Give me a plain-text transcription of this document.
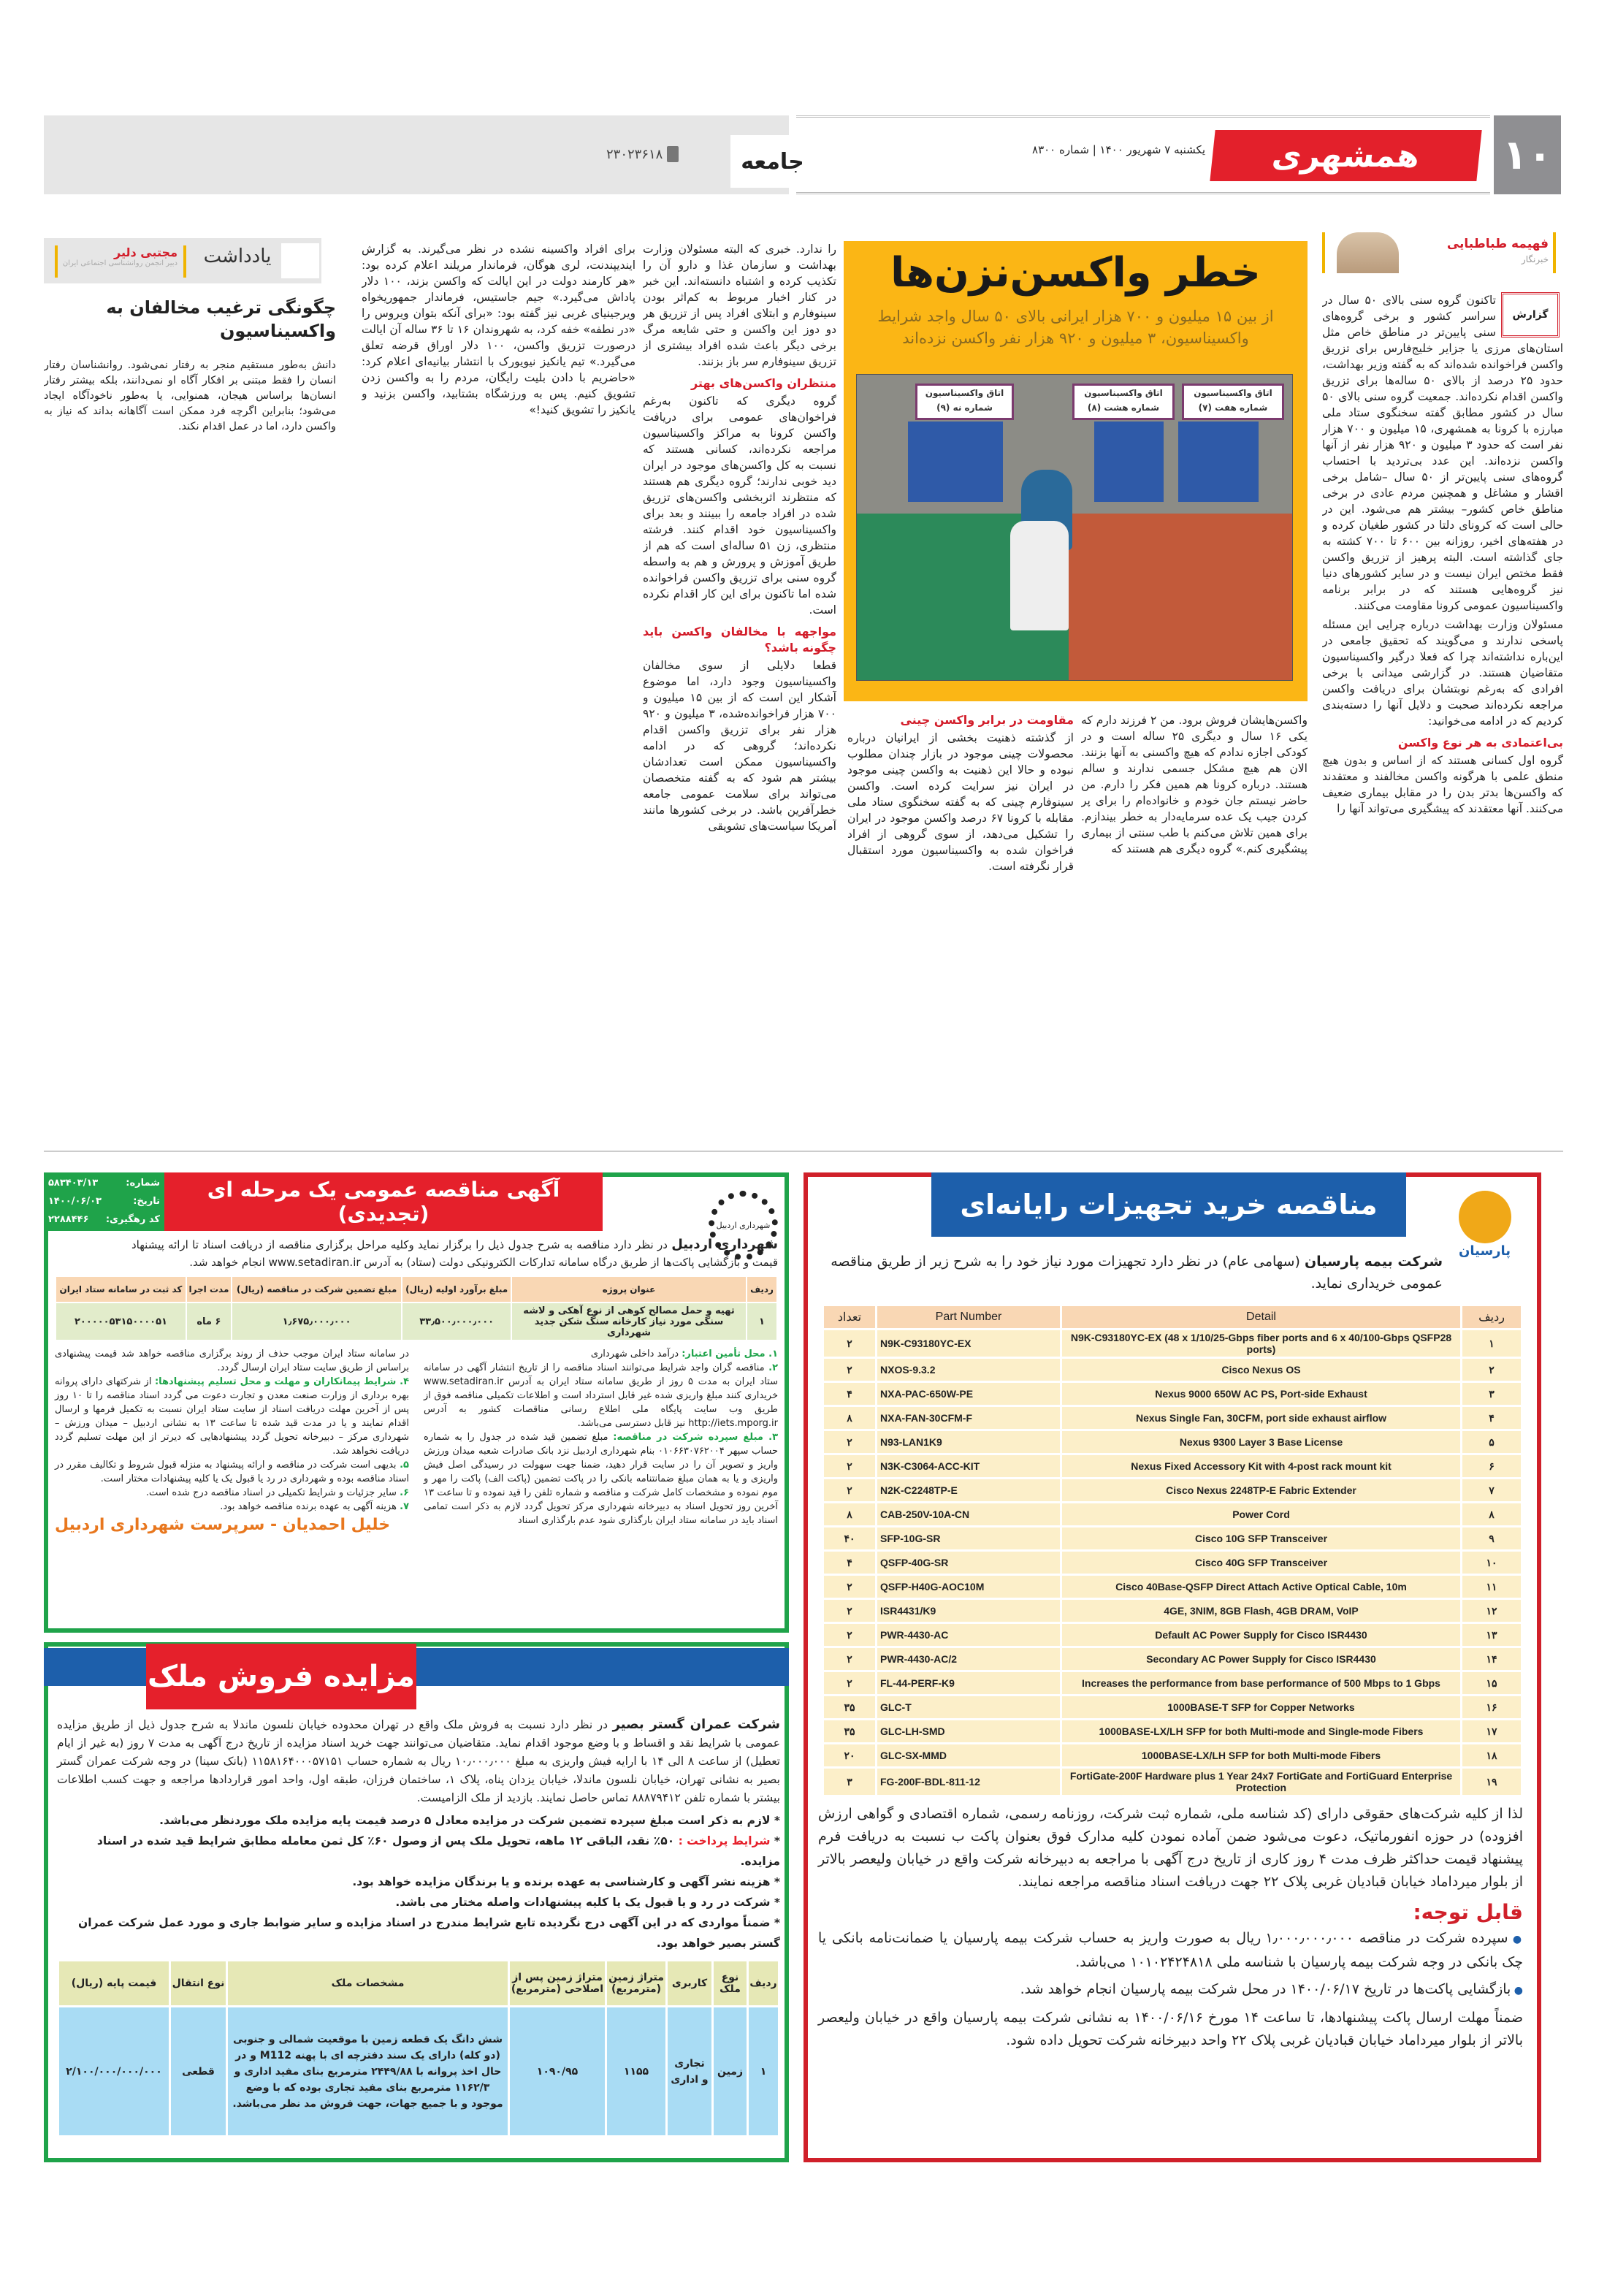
۱۰
همشهری
یکشنبه ۷ شهریور ۱۴۰۰ | شماره ۸۳۰۰
جامعه
۲۳۰۲۳۶۱۸
فهیمه طباطبایی
خبرنگار

تاکنون گروه سنی بالای ۵۰ سال در سراسر کشور و برخی گروه‌های سنی پایین‌تر در مناطق خاص مثل استان‌های مرزی یا جزایر خلیج‌فارس برای تزریق واکسن فراخوانده شده‌اند که به گفته وزیر بهداشت، حدود ۲۵ درصد از بالای ۵۰ ساله‌ها برای تزریق واکسن اقدام نکرده‌اند. جمعیت گروه سنی بالای ۵۰ سال در کشور مطابق گفته سخنگوی ستاد ملی مبارزه با کرونا به همشهری، ۱۵ میلیون و ۷۰۰ هزار نفر است که حدود ۳ میلیون و ۹۲۰ هزار نفر از آنها واکسن نزده‌اند. این عدد بی‌تردید با احتساب گروه‌های سنی پایین‌تر از ۵۰ سال –شامل برخی اقشار و مشاغل و همچنین مردم عادی در برخی مناطق خاص کشور– بیشتر هم می‌شود. این در حالی است که کرونای دلتا در کشور طغیان کرده و در هفته‌های اخیر، روزانه بین ۶۰۰ تا ۷۰۰ کشته به جای گذاشته است. البته پرهیز از تزریق واکسن فقط مختص ایران نیست و در سایر کشورهای دنیا نیز گروه‌هایی هستند که در برابر برنامه واکسیناسیون عمومی کرونا مقاومت می‌کنند.

مسئولان وزارت بهداشت درباره چرایی این مسئله پاسخی ندارند و می‌گویند که تحقیق جامعی در این‌باره نداشته‌اند چرا که فعلا درگیر واکسیناسیون متقاضیان هستند. در گزارشی میدانی با برخی افرادی که به‌رغم نوبتشان برای دریافت واکسن مراجعه نکرده‌اند صحبت و دلایل آنها را دسته‌بندی کردیم که در ادامه می‌خوانید:

بی‌اعتمادی به هر نوع واکسن

گروه اول کسانی هستند که از اساس و بدون هیچ منطق علمی با هرگونه واکسن مخالفند و معتقدند که واکسن‌ها بدتر بدن را در مقابل بیماری ضعیف می‌کنند. آنها معتقدند که پیشگیری می‌تواند آنها را

گزارش
خطر واکسن‌نزن‌ها
از بین ۱۵ میلیون و ۷۰۰ هزار ایرانی بالای ۵۰ سال واجد شرایط واکسیناسیون، ۳ میلیون و ۹۲۰ هزار نفر واکسن نزده‌اند
اتاق واکسیناسیون شماره نه (۹)
اتاق واکسیناسیون شماره هشت (۸)
اتاق واکسیناسیون شماره هفت (۷)

واکسن‌هایشان فروش برود. من ۲ فرزند دارم که یکی ۱۶ سال و دیگری ۲۵ ساله است و در کودکی اجازه ندادم که هیچ واکسنی به آنها بزنند. الان هم هیچ مشکل جسمی ندارند و سالم هستند. درباره کرونا هم همین فکر را دارم. من حاضر نیستم جان خودم و خانواده‌ام را برای پر کردن جیب یک عده سرمایه‌دار به خطر بیندازم. برای همین تلاش می‌کنم با طب سنتی از بیماری پیشگیری کنم.» گروه دیگری هم هستند که

مقاومت در برابر واکسن چینی

از گذشته ذهنیت بخشی از ایرانیان درباره محصولات چینی موجود در بازار چندان مطلوب نبوده و حالا این ذهنیت به واکسن چینی موجود در ایران نیز سرایت کرده است. واکسن سینوفارم چینی که به گفته سخنگوی ستاد ملی مقابله با کرونا ۶۷ درصد واکسن موجود در ایران را تشکیل می‌دهد، از سوی گروهی از افراد فراخوان شده به واکسیناسیون مورد استقبال قرار نگرفته است.

را ندارد. خبری که البته مسئولان وزارت بهداشت و سازمان غذا و دارو آن را تکذیب کرده و اشتباه دانسته‌اند. این خبر در کنار اخبار مربوط به کم‌اثر بودن سینوفارم و ابتلای افراد پس از تزریق هر دو دوز این واکسن و حتی شایعه مرگ برخی دیگر باعث شده افراد بیشتری از تزریق سینوفارم سر باز بزنند.

منتظران واکسن‌های بهتر

گروه دیگری که تاکنون به‌رغم فراخوان‌های عمومی برای دریافت واکسن کرونا به مراکز واکسیناسیون مراجعه نکرده‌اند، کسانی هستند که نسبت به کل واکسن‌های موجود در ایران دید خوبی ندارند؛ گروه دیگری هم هستند که منتظرند اثربخشی واکسن‌های تزریق شده در افراد جامعه را ببینند و بعد برای واکسیناسیون خود اقدام کنند. فرشته منتظری، زن ۵۱ ساله‌ای است که هم از طریق آموزش و پرورش و هم به واسطه گروه سنی برای تزریق واکسن فراخوانده شده اما تاکنون برای این کار اقدام نکرده است.

مواجهه با مخالفان واکسن باید چگونه باشد؟

قطعا دلایلی از سوی مخالفان واکسیناسیون وجود دارد، اما موضوع آشکار این است که از بین ۱۵ میلیون و ۷۰۰ هزار فراخوانده‌شده، ۳ میلیون و ۹۲۰ هزار نفر برای تزریق واکسن اقدام نکرده‌اند؛ گروهی که در ادامه واکسیناسیون ممکن است تعدادشان بیشتر هم شود که به گفته متخصصان می‌تواند برای سلامت عمومی جامعه خطرآفرین باشد. در برخی کشورها مانند آمریکا سیاست‌های تشویقی

برای افراد واکسینه نشده در نظر می‌گیرند. به گزارش ایندیپندنت، لری هوگان، فرماندار مریلند اعلام کرده بود: «هر کارمند دولت در این ایالت که واکسن بزند، ۱۰۰ دلار پاداش می‌گیرد.» جیم جاستیس، فرماندار جمهوریخواه ویرجینیای غربی نیز گفته بود: «برای آنکه بتوان ویروس را «در نطفه» خفه کرد، به شهروندان ۱۶ تا ۳۶ ساله آن ایالت درصورت تزریق واکسن، ۱۰۰ دلار اوراق قرضه تعلق می‌گیرد.» تیم یانکیز نیویورک با انتشار بیانیه‌ای اعلام کرد: «حاضریم با دادن بلیت رایگان، مردم را به واکسن زدن تشویق کنیم. پس به ورزشگاه بشتابید، واکسن بزنید و یانکیز را تشویق کنید!»

یادداشت
مجتبی دلیر
دبیر انجمن روانشناسی اجتماعی ایران
چگونگی ترغیب مخالفان به واکسیناسیون

دانش به‌طور مستقیم منجر به رفتار نمی‌شود. روانشناسان رفتار انسان را فقط مبتنی بر افکار آگاه او نمی‌دانند، بلکه بیشتر رفتار انسان‌ها براساس هیجان، همنوایی، یا به‌طور ناخودآگاه ایجاد می‌شود؛ بنابراین اگرچه فرد ممکن است آگاهانه بداند که نیاز به واکسن دارد، اما در عمل اقدام نکند.

مناقصه خرید تجهیزات رایانه‌ای
پارسیان
شرکت بیمه پارسیان (سهامی عام) در نظر دارد تجهیزات مورد نیاز خود را به شرح زیر از طریق مناقصه عمومی خریداری نماید.
ردیف	Detail	Part Number	تعداد
۱	N9K-C93180YC-EX (48 x 1/10/25-Gbps fiber ports and 6 x 40/100-Gbps QSFP28 ports)	N9K-C93180YC-EX	۲
۲	Cisco Nexus OS	NXOS-9.3.2	۲
۳	Nexus 9000 650W AC PS, Port-side Exhaust	NXA-PAC-650W-PE	۴
۴	Nexus Single Fan, 30CFM, port side exhaust airflow	NXA-FAN-30CFM-F	۸
۵	Nexus 9300 Layer 3 Base License	N93-LAN1K9	۲
۶	Nexus Fixed Accessory Kit with 4-post rack mount kit	N3K-C3064-ACC-KIT	۲
۷	Cisco Nexus 2248TP-E Fabric Extender	N2K-C2248TP-E	۲
۸	Power Cord	CAB-250V-10A-CN	۸
۹	Cisco 10G SFP Transceiver	SFP-10G-SR	۴۰
۱۰	Cisco 40G SFP Transceiver	QSFP-40G-SR	۴
۱۱	Cisco 40Base-QSFP Direct Attach Active Optical Cable, 10m	QSFP-H40G-AOC10M	۲
۱۲	4GE, 3NIM, 8GB Flash, 4GB DRAM, VoIP	ISR4431/K9	۲
۱۳	Default AC Power Supply for Cisco ISR4430	PWR-4430-AC	۲
۱۴	Secondary AC Power Supply for Cisco ISR4430	PWR-4430-AC/2	۲
۱۵	Increases the performance from base performance of 500 Mbps to 1 Gbps	FL-44-PERF-K9	۲
۱۶	1000BASE-T SFP for Copper Networks	GLC-T	۳۵
۱۷	1000BASE-LX/LH SFP for both Multi-mode and Single-mode Fibers	GLC-LH-SMD	۳۵
۱۸	1000BASE-LX/LH SFP for both Multi-mode Fibers	GLC-SX-MMD	۲۰
۱۹	FortiGate-200F Hardware plus 1 Year 24x7 FortiGate and FortiGuard Enterprise Protection	FG-200F-BDL-811-12	۳
لذا از کلیه شرکت‌های حقوقی دارای (کد شناسه ملی، شماره ثبت شرکت، روزنامه رسمی، شماره اقتصادی و گواهی ارزش افزوده) در حوزه انفورماتیک، دعوت می‌شود ضمن آماده نمودن کلیه مدارک فوق بعنوان پاکت ب نسبت به دریافت فرم پیشنهاد قیمت حداکثر ظرف مدت ۴ روز کاری از تاریخ درج آگهی با مراجعه به دبیرخانه شرکت واقع در خیابان ولیعصر بالاتر از بلوار میرداماد خیابان قبادیان غربی پلاک ۲۲ جهت دریافت اسناد مناقصه مراجعه نمایند.
قابل توجه:
● سپرده شرکت در مناقصه ۱٫۰۰۰٫۰۰۰٫۰۰۰ ریال به صورت واریز به حساب شرکت بیمه پارسیان یا ضمانت‌نامه بانکی یا چک بانکی در وجه شرکت بیمه پارسیان با شناسه ملی ۱۰۱۰۲۴۲۴۸۱۸ می‌باشد.
● بازگشایی پاکت‌ها در تاریخ ۱۴۰۰/۰۶/۱۷ در محل شرکت بیمه پارسیان انجام خواهد شد.
ضمناً مهلت ارسال پاکت پیشنهادها، تا ساعت ۱۴ مورخ ۱۴۰۰/۰۶/۱۶ به نشانی شرکت بیمه پارسیان واقع در خیابان ولیعصر بالاتر از بلوار میرداماد خیابان قبادیان غربی پلاک ۲۲ واحد دبیرخانه شرکت تحویل داده شود.
شماره:
۵۸۳۴۰۳/۱۳
تاریخ:
۱۴۰۰/۰۶/۰۳
کد رهگیری:
۲۲۸۸۴۴۶
آگهی مناقصه عمومی یک مرحله ای (تجدیدی)	شهرداری اردبیل
شهرداری اردبیل در نظر دارد مناقصه به شرح جدول ذیل را برگزار نماید وکلیه مراحل برگزاری مناقصه از دریافت اسناد تا ارائه پیشنهاد قیمت و بازگشایی پاکت‌ها از طریق درگاه سامانه تدارکات الکترونیکی دولت (ستاد) به آدرس www.setadiran.ir انجام خواهد شد.
ردیف	عنوان پروژه	مبلغ برآورد اولیه (ریال)	مبلغ تضمین شرکت در مناقصه (ریال)	مدت اجرا	کد ثبت در سامانه ستاد ایران
۱	تهیه و حمل مصالح کوهی از نوع آهکی و لاشه سنگی مورد نیاز کارخانه سنگ شکن جدید شهرداری	۳۳٫۵۰۰٫۰۰۰٫۰۰۰	۱٫۶۷۵٫۰۰۰٫۰۰۰	۶ ماه	۲۰۰۰۰۰۵۳۱۵۰۰۰۰۵۱

۱. محل تأمین اعتبار: درآمد داخلی شهرداری

۲. مناقصه گران واجد شرایط می‌توانند اسناد مناقصه را از تاریخ انتشار آگهی در سامانه ستاد ایران به مدت ۵ روز از طریق سامانه ستاد ایران به آدرس www.setadiran.ir خریداری کنند مبلغ واریزی شده غیر قابل استرداد است و اطلاعات تکمیلی مناقصه فوق از طریق وب سایت پایگاه ملی اطلاع رسانی مناقصات کشور به آدرس http://iets.mporg.ir نیز قابل دسترسی می‌باشد.

۳. مبلغ سپرده شرکت در مناقصه: مبلغ تضمین قید شده در جدول را به شماره حساب سپهر ۰۱۰۶۶۳۰۷۶۲۰۰۴ بنام شهرداری اردبیل نزد بانک صادرات شعبه میدان ورزش واریز و تصویر آن را در سایت قرار دهید، ضمنا جهت سهولت در رسیدگی اصل فیش واریزی و یا به همان مبلغ ضمانتنامه بانکی را در پاکت تضمین (پاکت الف) پاکت را مهر و موم نموده و مشخصات کامل شرکت و مناقصه و شماره تلفن را قید نموده و تا ساعت ۱۳ آخرین روز تحویل اسناد به دبیرخانه شهرداری مرکز تحویل گردد لازم به ذکر است تمامی اسناد باید در سامانه ستاد ایران بارگذاری شود عدم بارگذاری اسناد

در سامانه ستاد ایران موجب حذف از روند برگزاری مناقصه خواهد شد قیمت پیشنهادی براساس از طریق سایت ستاد ایران ارسال گردد.

۴. شرایط پیمانکاران و مهلت و محل تسلیم پیشنهادها: از شرکتهای دارای پروانه بهره برداری از وزارت صنعت معدن و تجارت دعوت می گردد اسناد مناقصه را تا ۱۰ روز پس از آخرین مهلت دریافت اسناد از سایت ستاد ایران نسبت به تکمیل فرمها و ارسال اقدام نمایند و یا در مدت قید شده تا ساعت ۱۳ به نشانی اردبیل – میدان ورزش – شهرداری مرکز – دبیرخانه تحویل گردد پیشنهادهایی که دیرتر از این مهلت تسلیم گردد دریافت نخواهد شد.

۵. بدیهی است شرکت در مناقصه و ارائه پیشنهاد به منزله قبول شروط و تکالیف مقرر در اسناد مناقصه بوده و شهرداری در رد یا قبول یک یا کلیه پیشنهادات مختار است.

۶. سایر جزئیات و شرایط تکمیلی در اسناد مناقصه درج شده است.

۷. هزینه آگهی به عهده برنده مناقصه خواهد بود.

خلیل احمدیان - سرپرست شهرداری اردبیل
مزایده فروش ملک
شرکت عمران گستر بصیر در نظر دارد نسبت به فروش ملک واقع در تهران محدوده خیابان نلسون ماندلا به شرح جدول ذیل از طریق مزایده عمومی با شرایط نقد و اقساط و با وضع موجود اقدام نماید. متقاضیان می‌توانند جهت خرید اسناد مزایده از تاریخ درج آگهی به مدت ۷ روز (به غیر از ایام تعطیل) از ساعت ۸ الی ۱۴ با ارایه فیش واریزی به مبلغ ۱۰٫۰۰۰٫۰۰۰ ریال به شماره حساب ۱۱۵۸۱۶۴۰۰۰۵۷۱۵۱ (بانک سینا) در وجه شرکت عمران گستر بصیر به نشانی تهران، خیابان نلسون ماندلا، خیابان یزدان پناه، پلاک ۱، ساختمان فرزان، طبقه اول، واحد امور قراردادها مراجعه و جهت کسب اطلاعات بیشتر با شماره تلفن ۸۸۸۷۹۴۱۲ تماس حاصل نمایند. بازدید از ملک الزامیست.
* لازم به ذکر است مبلغ سپرده تضمین شرکت در مزایده معادل ۵ درصد قیمت پایه مزایده ملک موردنظر می‌باشد.
* شرایط پرداخت : ۵۰٪ نقد، الباقی ۱۲ ماهه، تحویل ملک پس از وصول ۶۰٪ کل ثمن معامله مطابق شرایط قید شده در اسناد مزایده.
* هزینه نشر آگهی و کارشناسی به عهده برنده و یا برندگان مزایده خواهد بود.
* شرکت در رد و یا قبول یک یا کلیه پیشنهادات واصله مختار می باشد.
* ضمناً مواردی که در این آگهی درج نگردیده تابع شرایط مندرج در اسناد مزایده و سایر ضوابط جاری و مورد عمل شرکت عمران گستر بصیر خواهد بود.
ردیف	نوع ملک	کاربری	متراژ زمین (مترمربع)	متراژ زمین پس از اصلاحی (مترمربع)	مشخصات ملک	نوع انتقال	قیمت پایه (ریال)
۱	زمین	تجاری و اداری	۱۱۵۵	۱۰۹۰/۹۵	شش دانگ یک قطعه زمین با موقعیت شمالی و جنوبی (دو کله) دارای یک سند دفترچه ای با پهنه M112 و در حال اخذ پروانه با ۲۴۴۹/۸۸ مترمربع بنای مفید اداری و ۱۱۶۲/۳ مترمربع بنای مفید تجاری بوده که با وضع موجود و با جمیع جهات، جهت فروش مد نظر می‌باشد.	قطعی	۲/۱۰۰/۰۰۰/۰۰۰/۰۰۰
